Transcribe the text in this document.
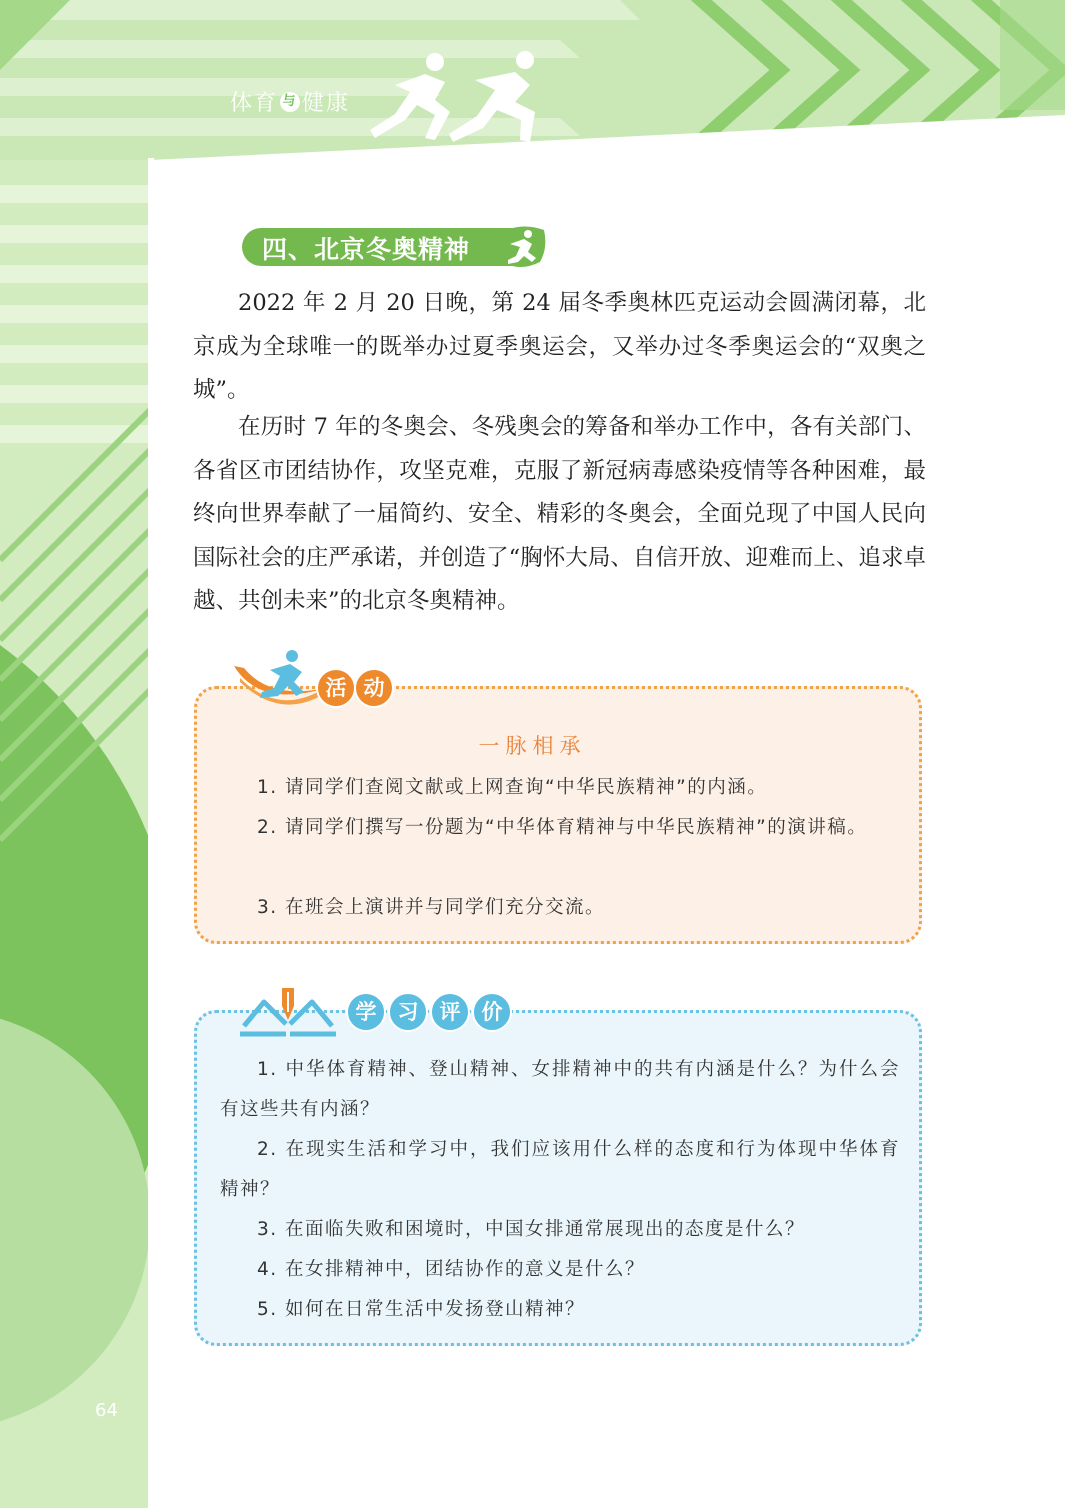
体育 与 健康
四、北京冬奥精神

2022 年 2 月 20 日晚，第 24 届冬季奥林匹克运动会圆满闭幕，北京成为全球唯一的既举办过夏季奥运会，又举办过冬季奥运会的“双奥之城”。

在历时 7 年的冬奥会、冬残奥会的筹备和举办工作中，各有关部门、各省区市团结协作，攻坚克难，克服了新冠病毒感染疫情等各种困难，最终向世界奉献了一届简约、安全、精彩的冬奥会，全面兑现了中国人民向国际社会的庄严承诺，并创造了“胸怀大局、自信开放、迎难而上、追求卓越、共创未来”的北京冬奥精神。

活 动
一脉相承

1. 请同学们查阅文献或上网查询“中华民族精神”的内涵。

2. 请同学们撰写一份题为“中华体育精神与中华民族精神”的演讲稿。

3. 在班会上演讲并与同学们充分交流。

学	习	评	价

1. 中华体育精神、登山精神、女排精神中的共有内涵是什么？为什么会有这些共有内涵？

2. 在现实生活和学习中，我们应该用什么样的态度和行为体现中华体育精神？

3. 在面临失败和困境时，中国女排通常展现出的态度是什么？

4. 在女排精神中，团结协作的意义是什么？

5. 如何在日常生活中发扬登山精神？

64
